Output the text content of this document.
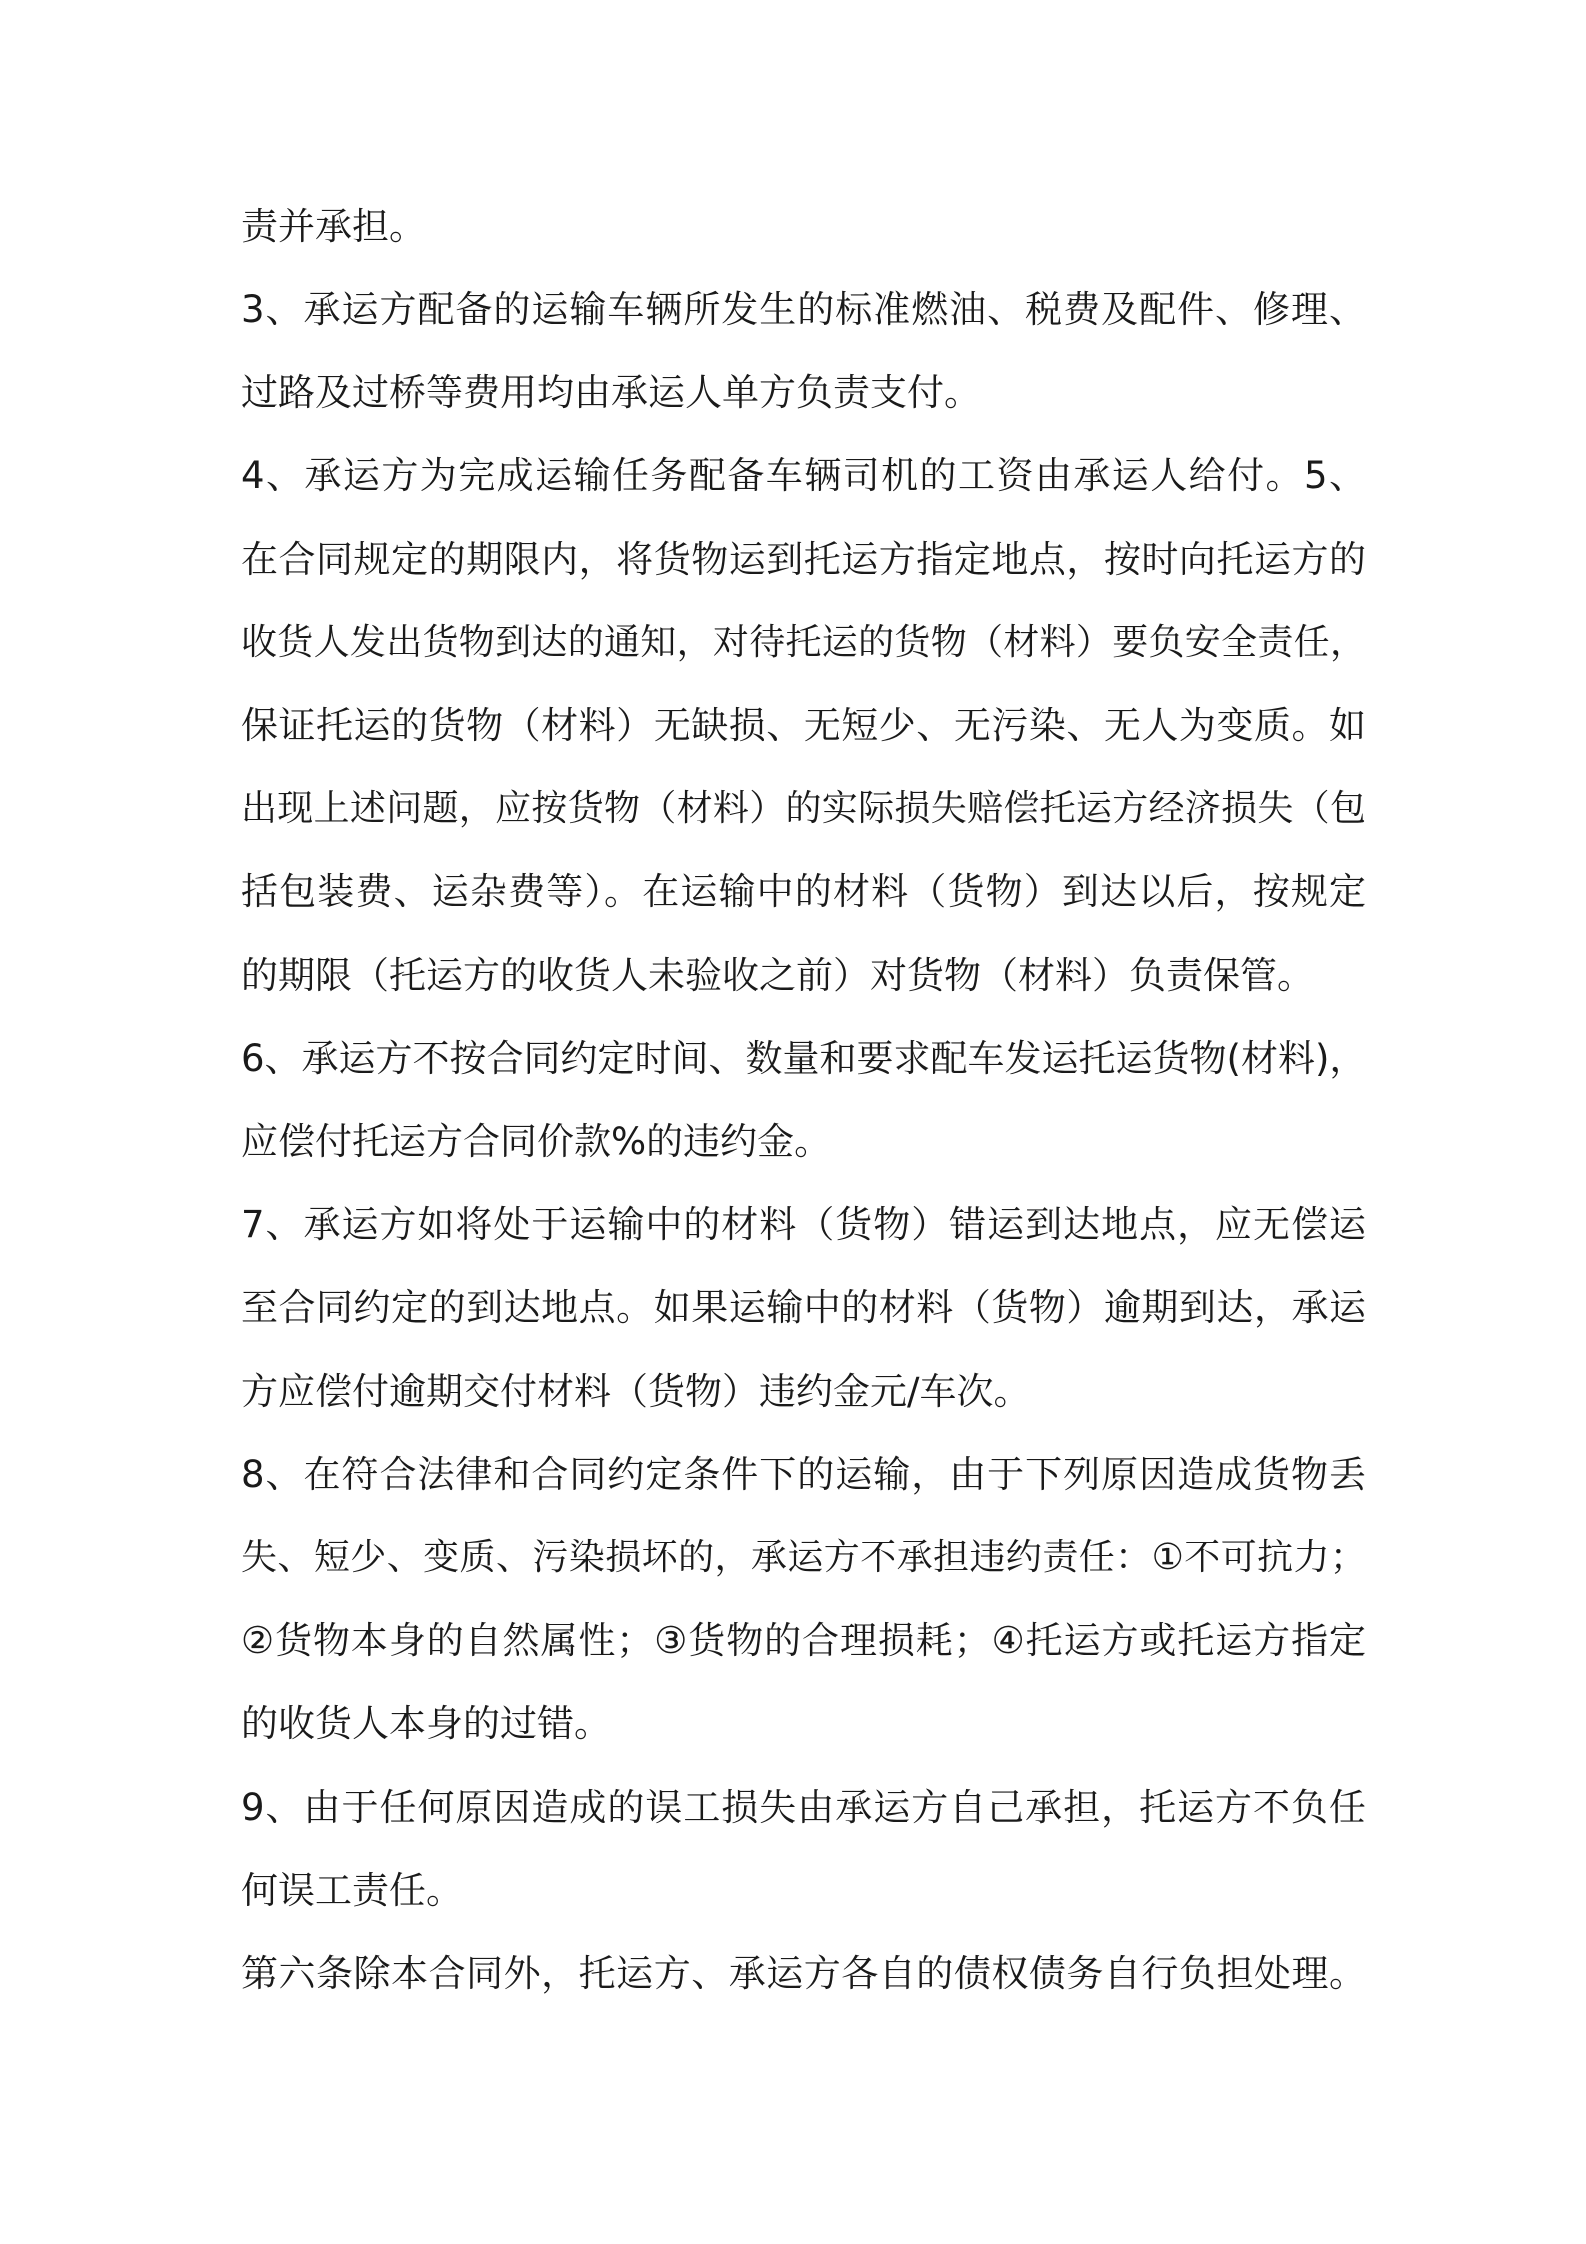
责并承担。
3、承运方配备的运输车辆所发生的标准燃油、税费及配件、修理、
过路及过桥等费用均由承运人单方负责支付。
4、承运方为完成运输任务配备车辆司机的工资由承运人给付。5、
在合同规定的期限内，将货物运到托运方指定地点，按时向托运方的
收货人发出货物到达的通知，对待托运的货物（材料）要负安全责任，
保证托运的货物（材料）无缺损、无短少、无污染、无人为变质。如
出现上述问题，应按货物（材料）的实际损失赔偿托运方经济损失（包
括包装费、运杂费等）。在运输中的材料（货物）到达以后，按规定
的期限（托运方的收货人未验收之前）对货物（材料）负责保管。
6、承运方不按合同约定时间、数量和要求配车发运托运货物(材料)，
应偿付托运方合同价款%的违约金。
7、承运方如将处于运输中的材料（货物）错运到达地点，应无偿运
至合同约定的到达地点。如果运输中的材料（货物）逾期到达，承运
方应偿付逾期交付材料（货物）违约金元/车次。
8、在符合法律和合同约定条件下的运输，由于下列原因造成货物丢
失、短少、变质、污染损坏的，承运方不承担违约责任：①不可抗力；
②货物本身的自然属性；③货物的合理损耗；④托运方或托运方指定
的收货人本身的过错。
9、由于任何原因造成的误工损失由承运方自己承担，托运方不负任
何误工责任。
第六条除本合同外，托运方、承运方各自的债权债务自行负担处理。
